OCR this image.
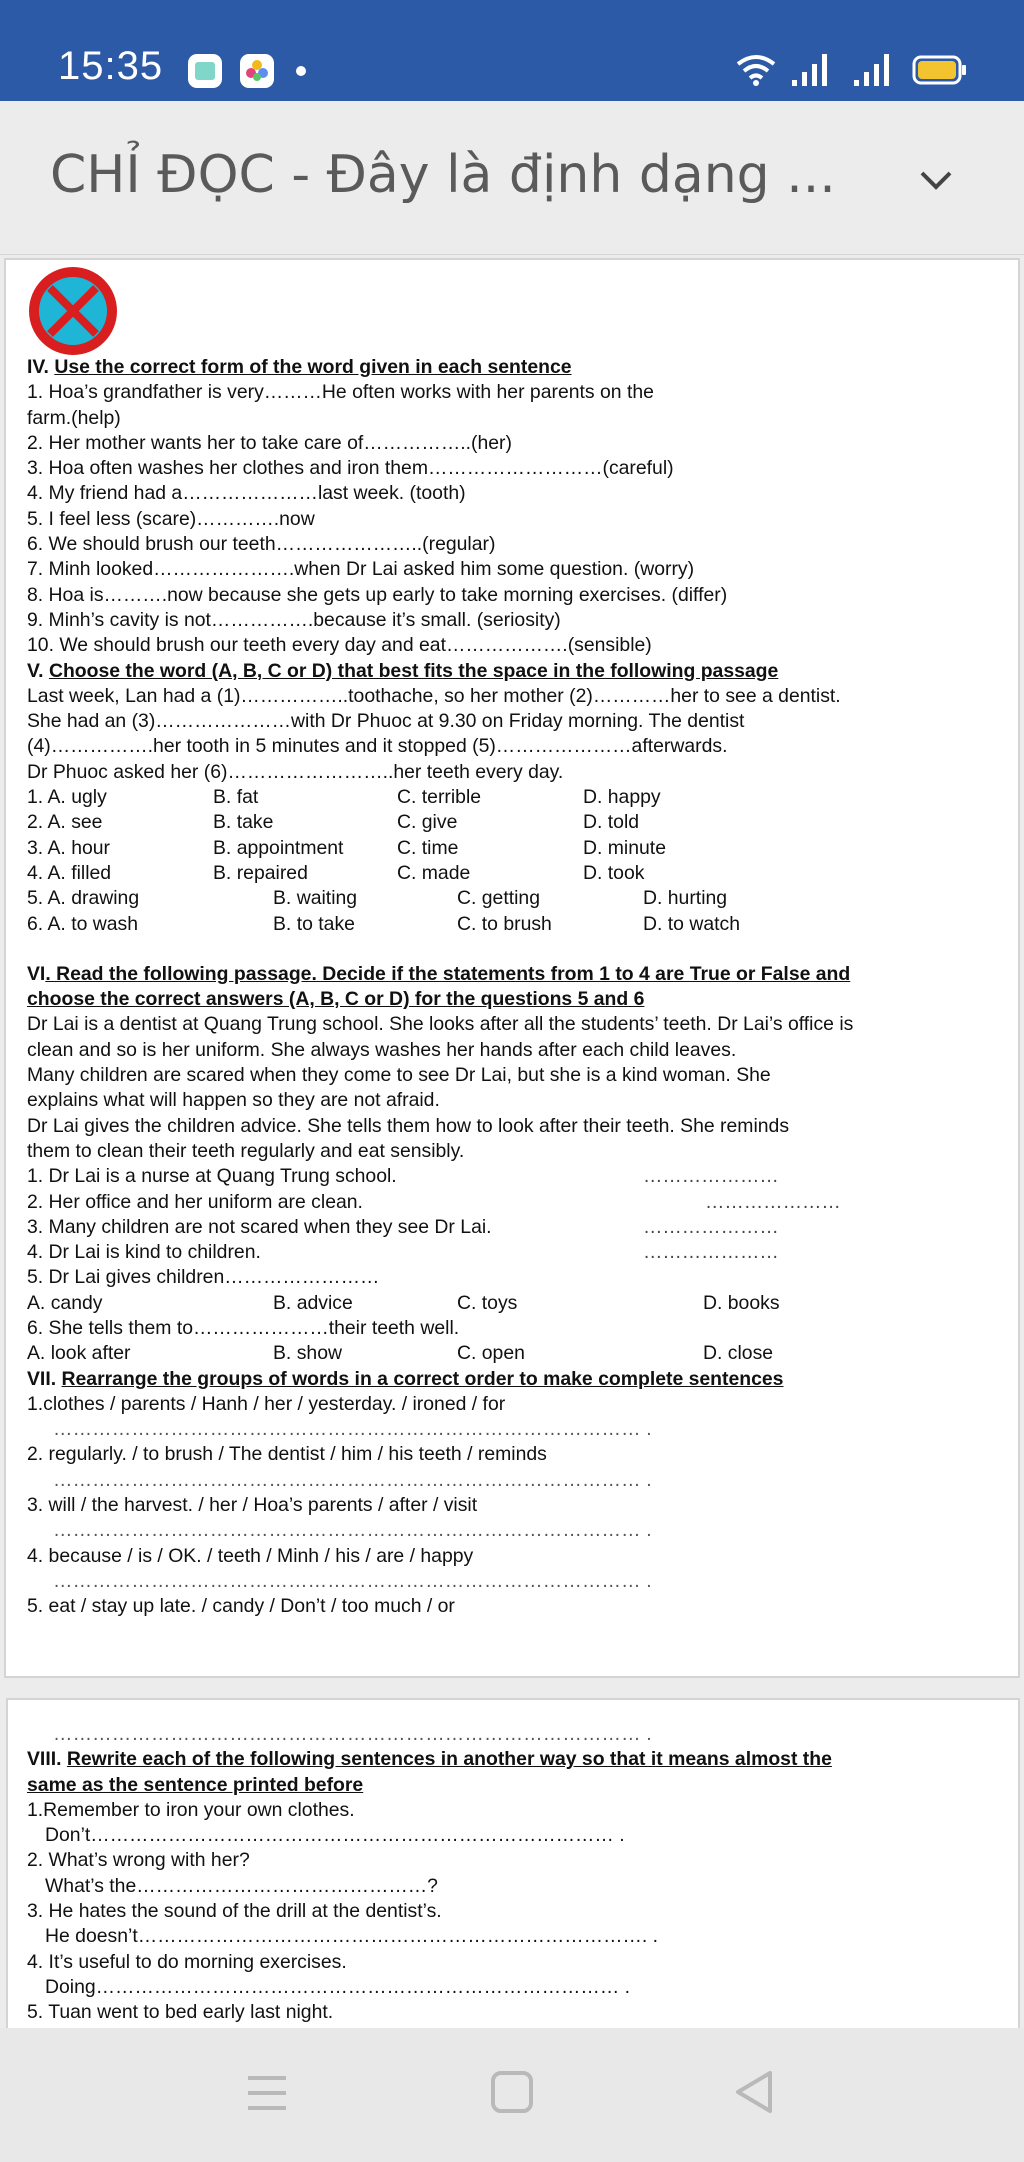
15:35
CHỈ ĐỌC - Đây là định dạng ...
IV. Use the correct form of the word given in each sentence
1. Hoa’s grandfather is very………He often works with her parents on the
farm.(help)
2. Her mother wants her to take care of……………..(her)
3. Hoa often washes her clothes and iron them………………………(careful)
4. My friend had a…………………last week. (tooth)
5. I feel less (scare)………….now
6. We should brush our teeth…………………..(regular)
7. Minh looked………………….when Dr Lai asked him some question. (worry)
8. Hoa is……….now because she gets up early to take morning exercises. (differ)
9. Minh’s cavity is not…………….because it’s small. (seriosity)
10. We should brush our teeth every day and eat……………….(sensible)
V. Choose the word (A, B, C or D) that best fits the space in the following passage
Last week, Lan had a (1)……………..toothache, so her mother (2)…………her to see a dentist.
She had an (3)…………………with Dr Phuoc at 9.30 on Friday morning. The dentist
(4)…………….her tooth in 5 minutes and it stopped (5)…………………afterwards.
Dr Phuoc asked her (6)……………………..her teeth every day.
1. A. ugly	B. fat	C. terrible	D. happy
2. A. see	B. take	C. give	D. told
3. A. hour	B. appointment	C. time	D. minute
4. A. filled	B. repaired	C. made	D. took
5. A. drawing	B. waiting	C. getting	D. hurting
6. A. to wash	B. to take	C. to brush	D. to watch
VI. Read the following passage. Decide if the statements from 1 to 4 are True or False and
choose the correct answers (A, B, C or D) for the questions 5 and 6
Dr Lai is a dentist at Quang Trung school. She looks after all the students’ teeth. Dr Lai’s office is
clean and so is her uniform. She always washes her hands after each child leaves.
Many children are scared when they come to see Dr Lai, but she is a kind woman. She
explains what will happen so they are not afraid.
Dr Lai gives the children advice. She tells them how to look after their teeth. She reminds
them to clean their teeth regularly and eat sensibly.
1. Dr Lai is a nurse at Quang Trung school.	…………………
2. Her office and her uniform are clean.	…………………
3. Many children are not scared when they see Dr Lai.	…………………
4. Dr Lai is kind to children.	…………………
5. Dr Lai gives children……………………
A. candy	B. advice	C. toys	D. books
6. She tells them to…………………their teeth well.
A. look after	B. show	C. open	D. close
VII. Rearrange the groups of words in a correct order to make complete sentences
1.clothes / parents / Hanh / her / yesterday. / ironed / for
……………………………………………………………………………… .
2. regularly. / to brush / The dentist / him / his teeth / reminds
……………………………………………………………………………… .
3. will / the harvest. / her / Hoa’s parents / after / visit
……………………………………………………………………………… .
4. because / is / OK. / teeth / Minh / his / are / happy
……………………………………………………………………………… .
5. eat / stay up late. / candy / Don’t / too much / or
……………………………………………………………………………… .
VIII. Rewrite each of the following sentences in another way so that it means almost the
same as the sentence printed before
1.Remember to iron your own clothes.
Don’t……………………………………………………………………… .
2. What’s wrong with her?
What’s the………………………………………?
3. He hates the sound of the drill at the dentist’s.
He doesn’t……………………………………………………………………. .
4. It’s useful to do morning exercises.
Doing……………………………………………………………………… .
5. Tuan went to bed early last night.
